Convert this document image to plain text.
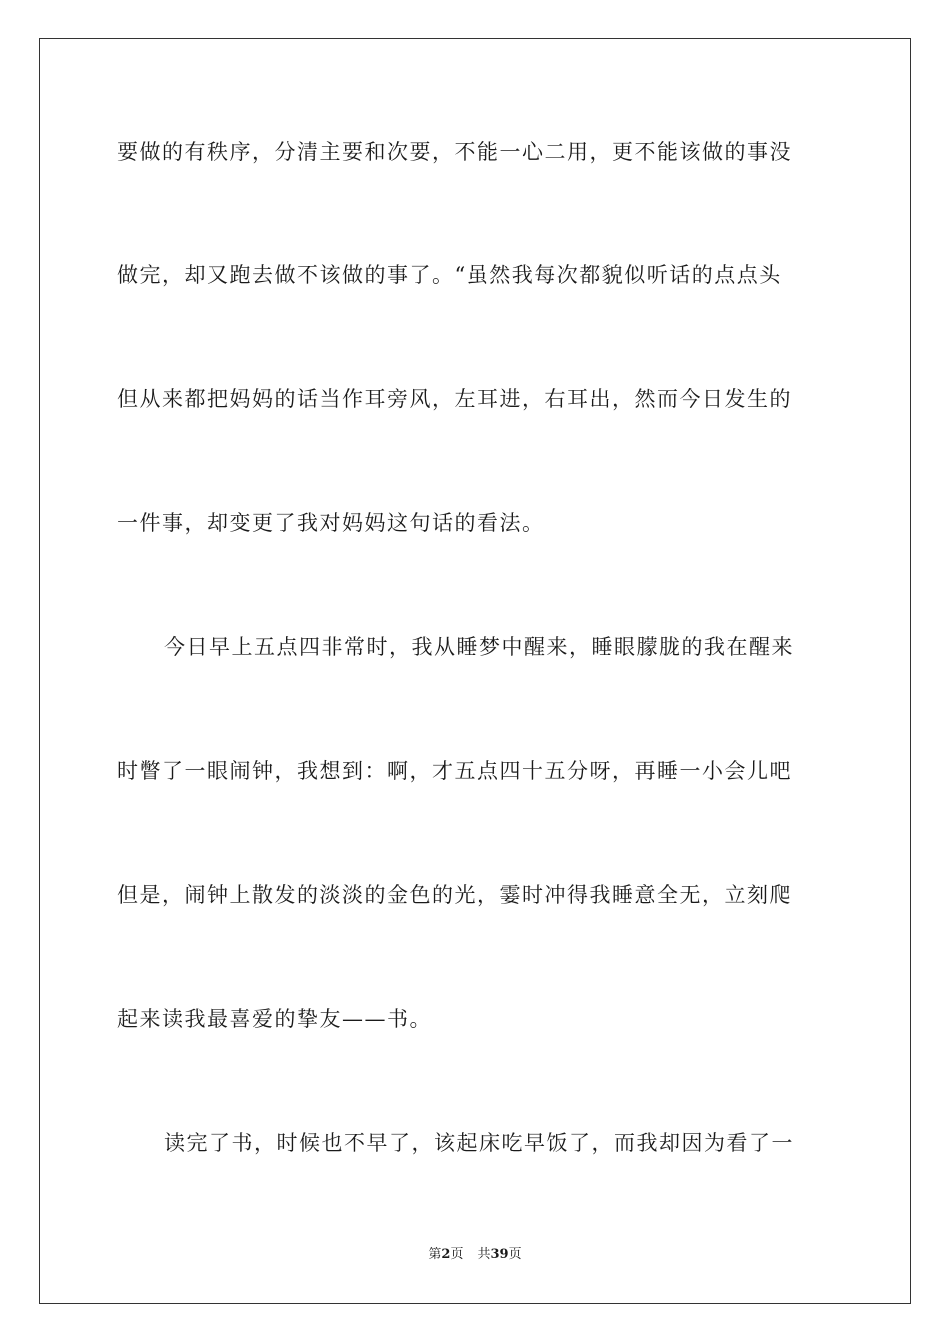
要做的有秩序，分清主要和次要，不能一心二用，更不能该做的事没
做完，却又跑去做不该做的事了。“虽然我每次都貌似听话的点点头
但从来都把妈妈的话当作耳旁风，左耳进，右耳出，然而今日发生的
一件事，却变更了我对妈妈这句话的看法。
今日早上五点四非常时，我从睡梦中醒来，睡眼朦胧的我在醒来
时瞥了一眼闹钟，我想到：啊，才五点四十五分呀，再睡一小会儿吧
但是，闹钟上散发的淡淡的金色的光，霎时冲得我睡意全无，立刻爬
起来读我最喜爱的挚友——书。
读完了书，时候也不早了，该起床吃早饭了，而我却因为看了一
第2页 共39页
